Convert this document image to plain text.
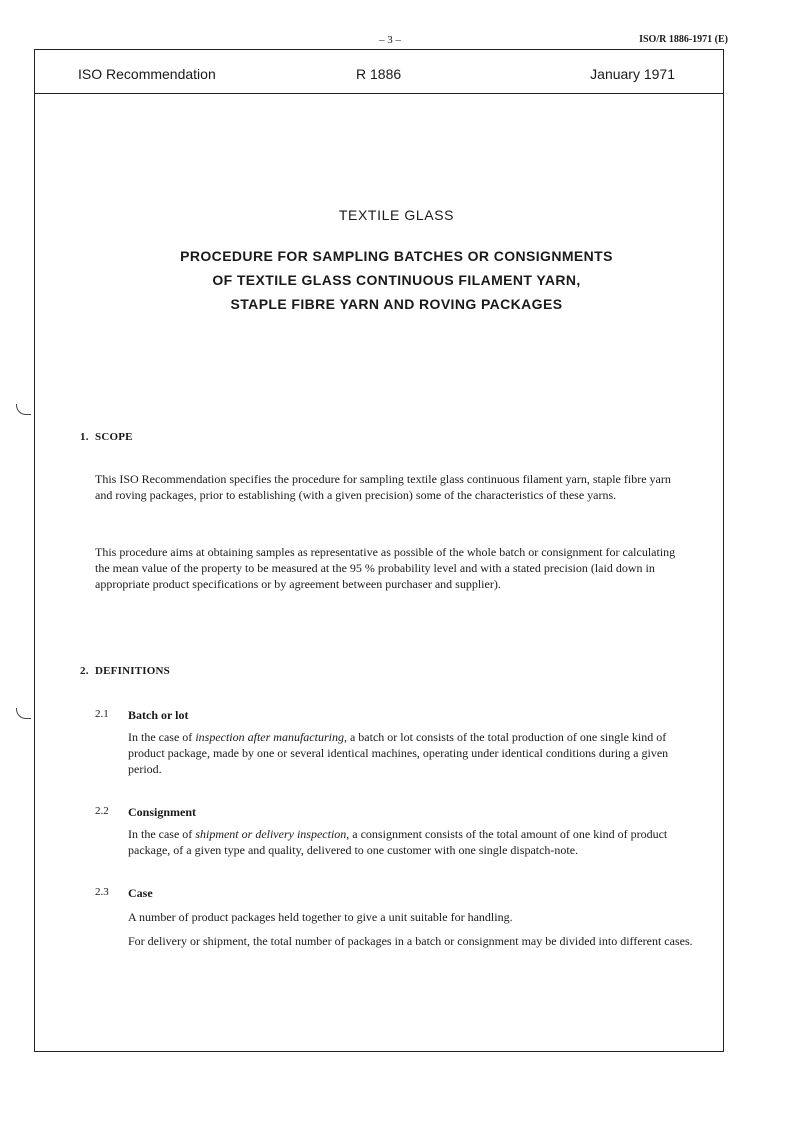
– 3 –	ISO/R 1886-1971 (E)
ISO Recommendation	R 1886	January 1971
TEXTILE GLASS
PROCEDURE FOR SAMPLING BATCHES OR CONSIGNMENTS
OF TEXTILE GLASS CONTINUOUS FILAMENT YARN,
STAPLE FIBRE YARN AND ROVING PACKAGES
1. SCOPE
This ISO Recommendation specifies the procedure for sampling textile glass continuous filament yarn, staple fibre yarn and roving packages, prior to establishing (with a given precision) some of the characteristics of these yarns.
This procedure aims at obtaining samples as representative as possible of the whole batch or consignment for calculating the mean value of the property to be measured at the 95 % probability level and with a stated precision (laid down in appropriate product specifications or by agreement between purchaser and supplier).
2. DEFINITIONS
2.1 Batch or lot
In the case of inspection after manufacturing, a batch or lot consists of the total production of one single kind of product package, made by one or several identical machines, operating under identical conditions during a given period.
2.2 Consignment
In the case of shipment or delivery inspection, a consignment consists of the total amount of one kind of product package, of a given type and quality, delivered to one customer with one single dispatch-note.
2.3 Case
A number of product packages held together to give a unit suitable for handling.
For delivery or shipment, the total number of packages in a batch or consignment may be divided into different cases.
